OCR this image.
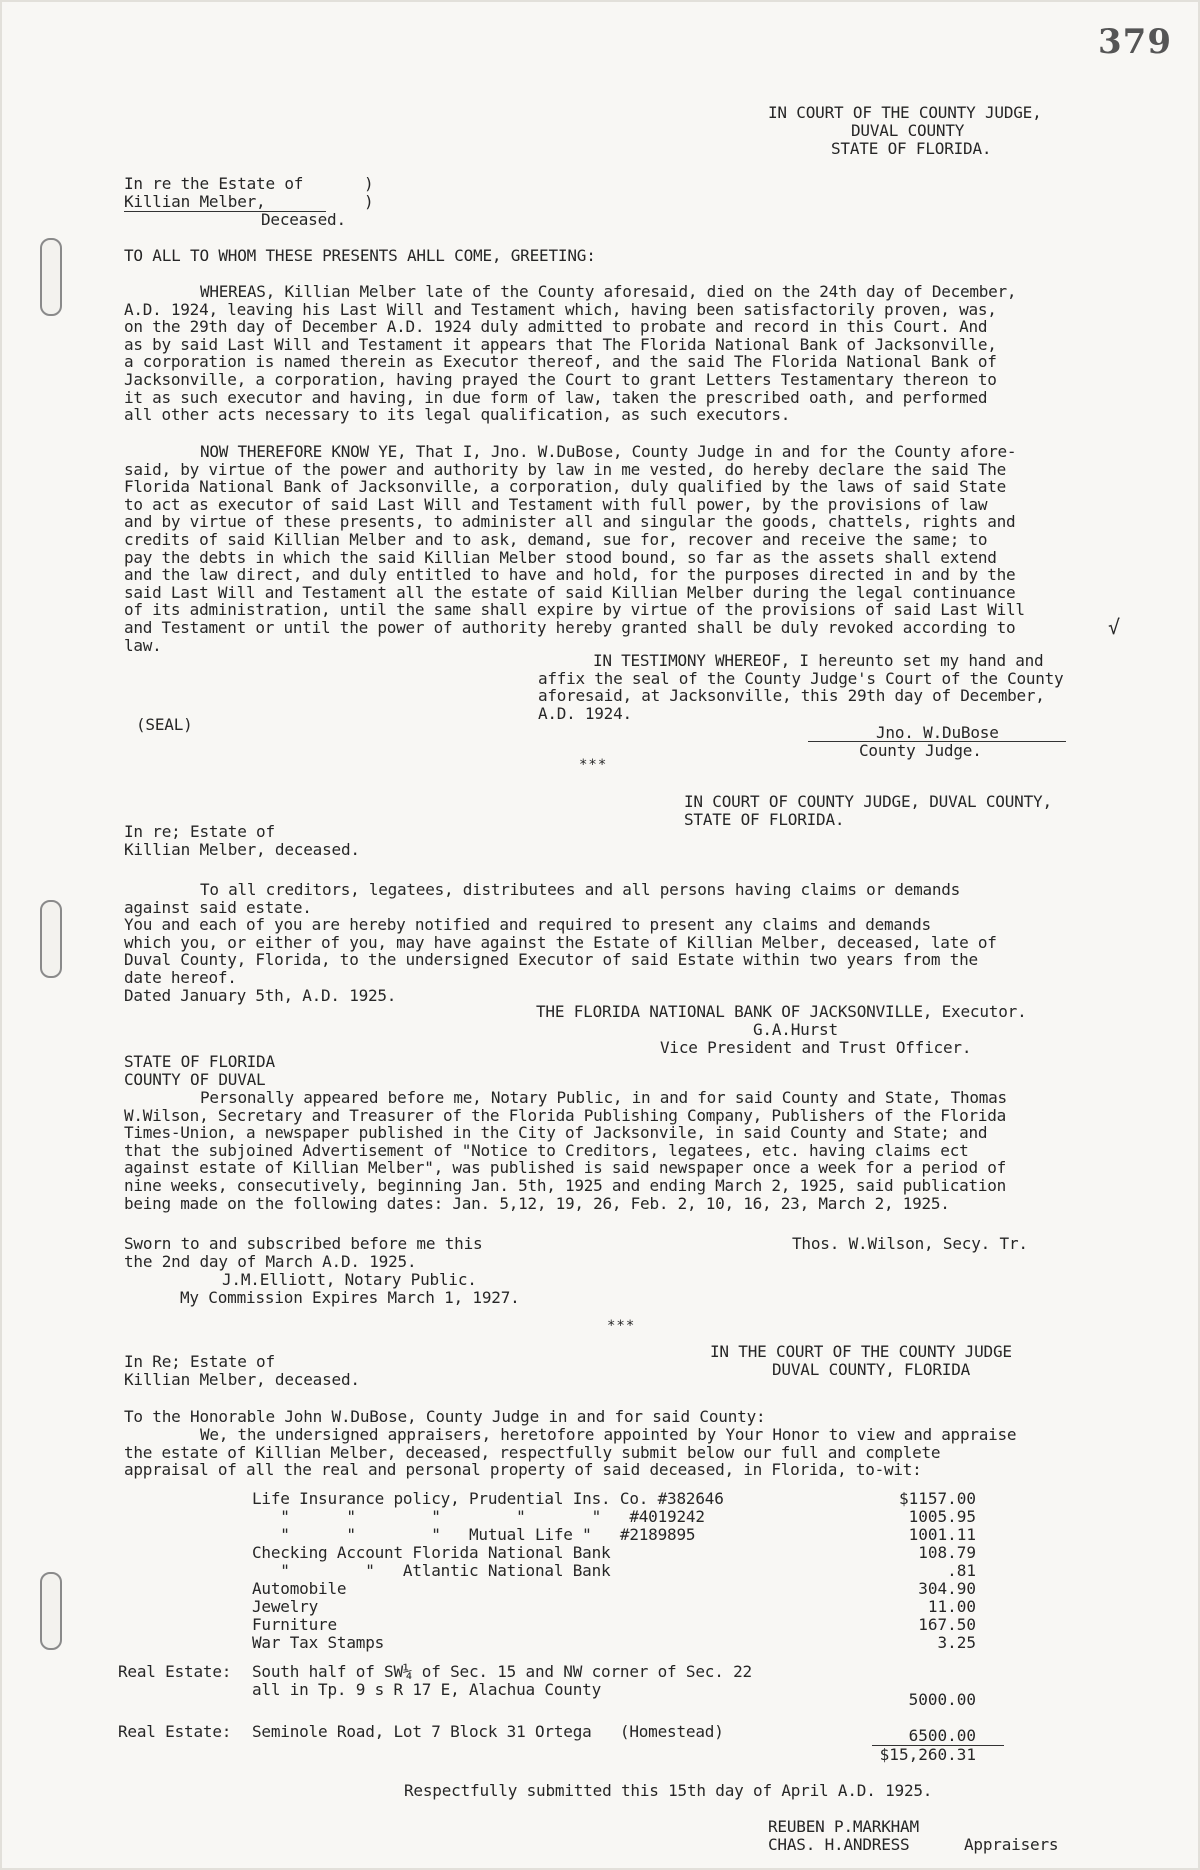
379
IN COURT OF THE COUNTY JUDGE,
DUVAL COUNTY
STATE OF FLORIDA.
In re the Estate of
Killian Melber,
Deceased.
)
)
TO ALL TO WHOM THESE PRESENTS AHLL COME, GREETING:
WHEREAS, Killian Melber late of the County aforesaid, died on the 24th day of December,
A.D. 1924, leaving his Last Will and Testament which, having been satisfactorily proven, was,
on the 29th day of December A.D. 1924 duly admitted to probate and record in this Court. And
as by said Last Will and Testament it appears that The Florida National Bank of Jacksonville,
a corporation is named therein as Executor thereof, and the said The Florida National Bank of
Jacksonville, a corporation, having prayed the Court to grant Letters Testamentary thereon to
it as such executor and having, in due form of law, taken the prescribed oath, and performed
all other acts necessary to its legal qualification, as such executors.
NOW THEREFORE KNOW YE, That I, Jno. W.DuBose, County Judge in and for the County afore-
said, by virtue of the power and authority by law in me vested, do hereby declare the said The
Florida National Bank of Jacksonville, a corporation, duly qualified by the laws of said State
to act as executor of said Last Will and Testament with full power, by the provisions of law
and by virtue of these presents, to administer all and singular the goods, chattels, rights and
credits of said Killian Melber and to ask, demand, sue for, recover and receive the same; to
pay the debts in which the said Killian Melber stood bound, so far as the assets shall extend
and the law direct, and duly entitled to have and hold, for the purposes directed in and by the
said Last Will and Testament all the estate of said Killian Melber during the legal continuance
of its administration, until the same shall expire by virtue of the provisions of said Last Will
and Testament or until the power of authority hereby granted shall be duly revoked according to
law.
√
IN TESTIMONY WHEREOF, I hereunto set my hand and
affix the seal of the County Judge's Court of the County
aforesaid, at Jacksonville, this 29th day of December,
A.D. 1924.
(SEAL)	Jno. W.DuBose
County Judge.
***
IN COURT OF COUNTY JUDGE, DUVAL COUNTY,
STATE OF FLORIDA.
In re; Estate of
Killian Melber, deceased.
To all creditors, legatees, distributees and all persons having claims or demands
against said estate.
You and each of you are hereby notified and required to present any claims and demands
which you, or either of you, may have against the Estate of Killian Melber, deceased, late of
Duval County, Florida, to the undersigned Executor of said Estate within two years from the
date hereof.
Dated January 5th, A.D. 1925.
THE FLORIDA NATIONAL BANK OF JACKSONVILLE, Executor.
G.A.Hurst
Vice President and Trust Officer.
STATE OF FLORIDA
COUNTY OF DUVAL
Personally appeared before me, Notary Public, in and for said County and State, Thomas
W.Wilson, Secretary and Treasurer of the Florida Publishing Company, Publishers of the Florida
Times-Union, a newspaper published in the City of Jacksonvile, in said County and State; and
that the subjoined Advertisement of "Notice to Creditors, legatees, etc. having claims ect
against estate of Killian Melber", was published is said newspaper once a week for a period of
nine weeks, consecutively, beginning Jan. 5th, 1925 and ending March 2, 1925, said publication
being made on the following dates: Jan. 5,12, 19, 26, Feb. 2, 10, 16, 23, March 2, 1925.
Sworn to and subscribed before me this
the 2nd day of March A.D. 1925.
J.M.Elliott, Notary Public.
My Commission Expires March 1, 1927.
Thos. W.Wilson, Secy. Tr.
***
IN THE COURT OF THE COUNTY JUDGE
DUVAL COUNTY, FLORIDA
In Re; Estate of
Killian Melber, deceased.
To the Honorable John W.DuBose, County Judge in and for said County:
We, the undersigned appraisers, heretofore appointed by Your Honor to view and appraise
the estate of Killian Melber, deceased, respectfully submit below our full and complete
appraisal of all the real and personal property of said deceased, in Florida, to-wit:
Life Insurance policy, Prudential Ins. Co. #382646	$1157.00
"      "        "        "       "   #4019242	1005.95
"      "        "   Mutual Life "   #2189895	1001.11
Checking Account Florida National Bank	108.79
"        "   Atlantic National Bank	.81
Automobile	304.90
Jewelry	11.00
Furniture	167.50
War Tax Stamps	3.25
Real Estate: South half of SW¼ of Sec. 15 and NW corner of Sec. 22
all in Tp. 9 s R 17 E, Alachua County
5000.00
Real Estate: Seminole Road, Lot 7 Block 31 Ortega   (Homestead)	6500.00
$15,260.31
Respectfully submitted this 15th day of April A.D. 1925.
REUBEN P.MARKHAM
CHAS. H.ANDRESS	Appraisers
